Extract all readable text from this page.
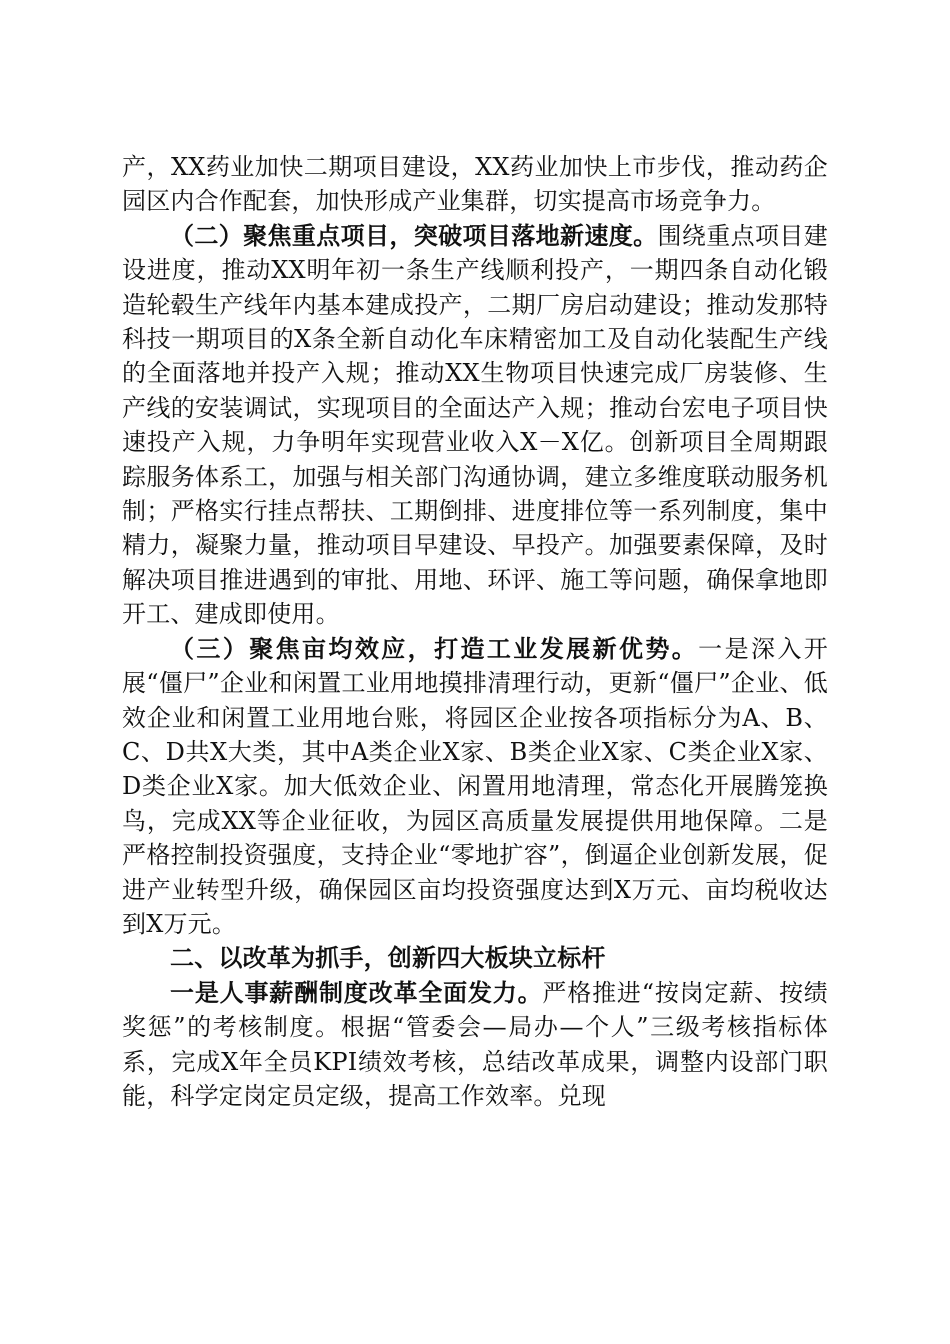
产，XX药业加快二期项目建设，XX药业加快上市步伐，推动药企园区内合作配套，加快形成产业集群，切实提高市场竞争力。

（二）聚焦重点项目，突破项目落地新速度。围绕重点项目建设进度，推动XX明年初一条生产线顺利投产，一期四条自动化锻造轮毂生产线年内基本建成投产，二期厂房启动建设；推动发那特科技一期项目的X条全新自动化车床精密加工及自动化装配生产线的全面落地并投产入规；推动XX生物项目快速完成厂房装修、生产线的安装调试，实现项目的全面达产入规；推动台宏电子项目快速投产入规，力争明年实现营业收入X－X亿。创新项目全周期跟踪服务体系工，加强与相关部门沟通协调，建立多维度联动服务机制；严格实行挂点帮扶、工期倒排、进度排位等一系列制度，集中精力，凝聚力量，推动项目早建设、早投产。加强要素保障，及时解决项目推进遇到的审批、用地、环评、施工等问题，确保拿地即开工、建成即使用。

（三）聚焦亩均效应，打造工业发展新优势。一是深入开展“僵尸”企业和闲置工业用地摸排清理行动，更新“僵尸”企业、低效企业和闲置工业用地台账，将园区企业按各项指标分为A、B、C、D共X大类，其中A类企业X家、B类企业X家、C类企业X家、D类企业X家。加大低效企业、闲置用地清理，常态化开展腾笼换鸟，完成XX等企业征收，为园区高质量发展提供用地保障。二是严格控制投资强度，支持企业“零地扩容”，倒逼企业创新发展，促进产业转型升级，确保园区亩均投资强度达到X万元、亩均税收达到X万元。

二、以改革为抓手，创新四大板块立标杆

一是人事薪酬制度改革全面发力。严格推进“按岗定薪、按绩奖惩”的考核制度。根据“管委会—局办—个人”三级考核指标体系，完成X年全员KPI绩效考核，总结改革成果，调整内设部门职能，科学定岗定员定级，提高工作效率。兑现
